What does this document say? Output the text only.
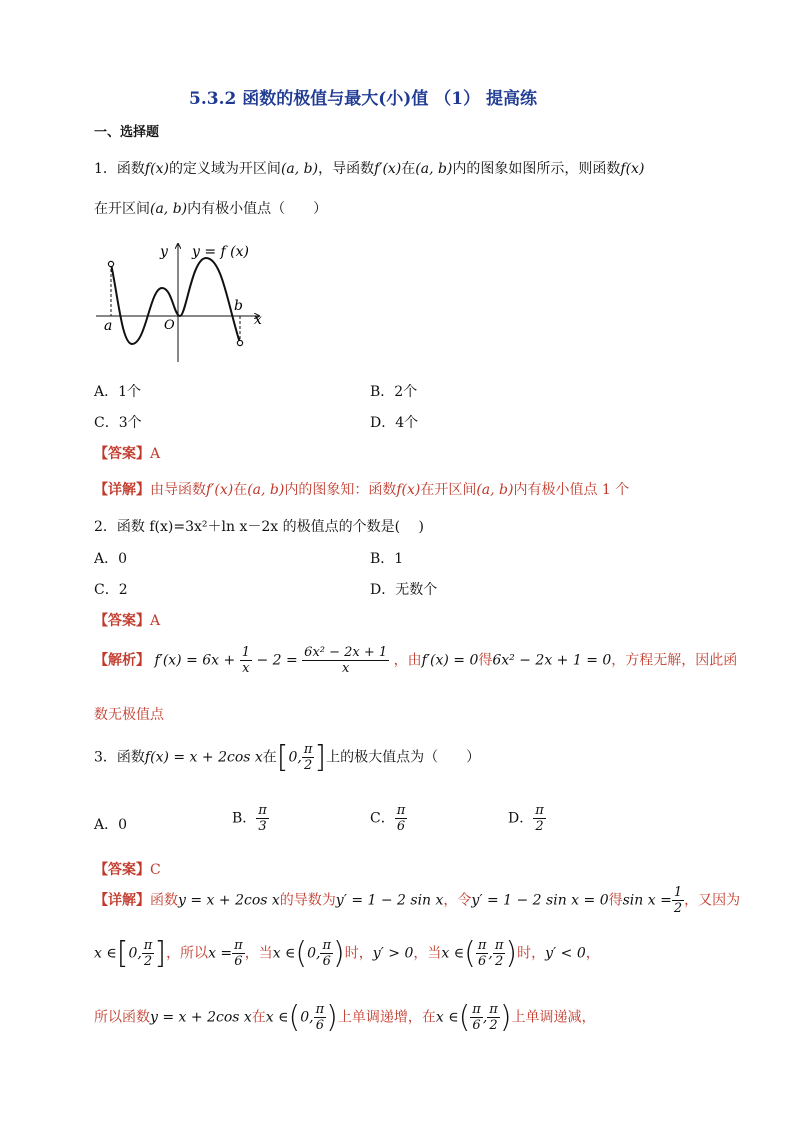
5.3.2 函数的极值与最大(小)值 （1） 提高练
一、选择题
1．函数f(x)的定义域为开区间(a, b)，导函数f′(x)在(a, b)内的图象如图所示，则函数f(x)
在开区间(a, b)内有极小值点（　　）
y y = f (x)
a	O
b
x
A．1个	B．2个
C．3个	D．4个
【答案】A
【详解】由导函数f′(x)在(a, b)内的图象知：函数f(x)在开区间(a, b)内有极小值点 1 个
2．函数 f(x)=3x²＋ln x－2x 的极值点的个数是(　 )
A．0	B．1
C．2	D．无数个
【答案】A
【解析】 $f'(x) = 6x + \frac{1}{x} - 2 = \frac{\text{6x² − 2x + 1}}{x}$ ，由f′(x) = 0得6x² − 2x + 1 = 0，方程无解，因此函
数无极值点
3．函数f(x) = x + 2cos x在[0, $\frac{\pi}{2}$ ]上的极大值点为（　　）
A．0	B． $\frac{\pi}{3}$	C． $\frac{\pi}{6}$	D． $\frac{\pi}{2}$
【答案】C
【详解】函数y = x + 2cos x的导数为y′ = 1 − 2 sin x，令y′ = 1 − 2 sin x = 0得$\sin x = \frac{1}{2}$ ，又因为
x ∈[0, $\frac{\pi}{2}$ ]，所以$x = \frac{\pi}{6}$ ，当x ∈(0, $\frac{\pi}{6}$ )时，y′ > 0，当x ∈( $\frac{\pi}{6}$ , $\frac{\pi}{2}$ )时，y′ < 0，
所以函数y = x + 2cos x在x ∈(0, $\frac{\pi}{6}$ )上单调递增，在x ∈( $\frac{\pi}{6}$ , $\frac{\pi}{2}$ )上单调递减，
